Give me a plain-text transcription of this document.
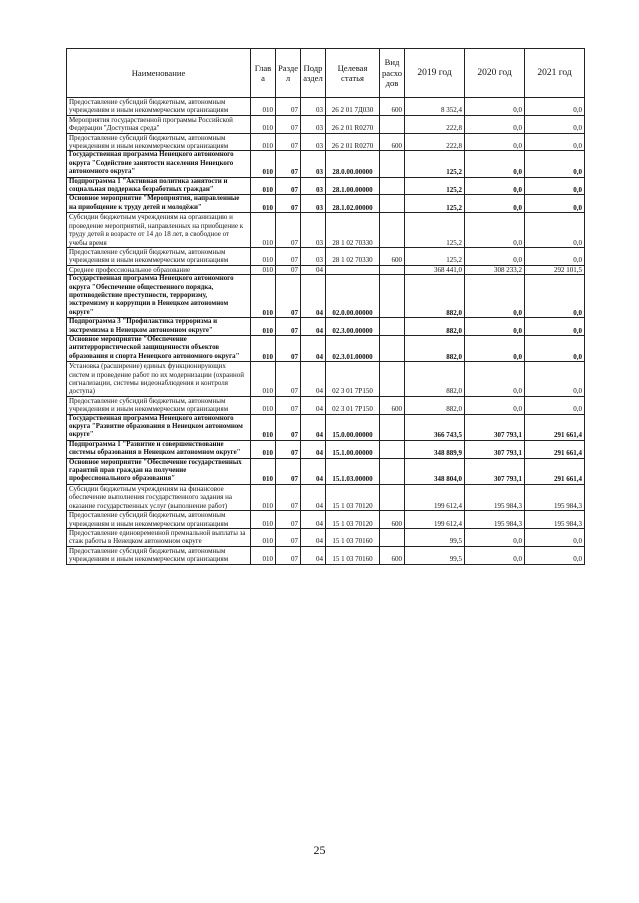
Наименование	Глав а	Разде л	Подр аздел	Целевая статья	Вид расхо дов	2019 год	2020 год	2021 год
Предоставление субсидий бюджетным, автономным учреждениям и иным некоммерческим организациям	010	07	03	26 2 01 7Д030	600	8 352,4	0,0	0,0
Мероприятия государственной программы Российской Федерации "Доступная среда"	010	07	03	26 2 01 R0270		222,8	0,0	0,0
Предоставление субсидий бюджетным, автономным учреждениям и иным некоммерческим организациям	010	07	03	26 2 01 R0270	600	222,8	0,0	0,0
Государственная программа Ненецкого автономного округа "Содействие занятости населения Ненецкого автономного округа"	010	07	03	28.0.00.00000		125,2	0,0	0,0
Подпрограмма 1 "Активная политика занятости и социальная поддержка безработных граждан"	010	07	03	28.1.00.00000		125,2	0,0	0,0
Основное мероприятие "Мероприятия, направленные на приобщение к труду детей и молодёжи"	010	07	03	28.1.02.00000		125,2	0,0	0,0
Субсидии бюджетным учреждениям на организацию и проведение мероприятий, направленных на приобщение к труду детей в возрасте от 14 до 18 лет, в свободное от учебы время	010	07	03	28 1 02 70330		125,2	0,0	0,0
Предоставление субсидий бюджетным, автономным учреждениям и иным некоммерческим организациям	010	07	03	28 1 02 70330	600	125,2	0,0	0,0
Среднее профессиональное образование	010	07	04			368 441,0	308 233,2	292 101,5
Государственная программа Ненецкого автономного округа "Обеспечение общественного порядка, противодействие преступности, терроризму, экстремизму и коррупции в Ненецком автономном округе"	010	07	04	02.0.00.00000		882,0	0,0	0,0
Подпрограмма 3 "Профилактика терроризма и экстремизма в Ненецком автономном округе"	010	07	04	02.3.00.00000		882,0	0,0	0,0
Основное мероприятие "Обеспечение антитеррористической защищенности объектов образования и спорта Ненецкого автономного округа"	010	07	04	02.3.01.00000		882,0	0,0	0,0
Установка (расширение) единых функционирующих систем и проведение работ по их модернизации (охранной сигнализации, системы видеонаблюдения и контроля доступа)	010	07	04	02 3 01 7Р150		882,0	0,0	0,0
Предоставление субсидий бюджетным, автономным учреждениям и иным некоммерческим организациям	010	07	04	02 3 01 7Р150	600	882,0	0,0	0,0
Государственная программа Ненецкого автономного округа "Развитие образования в Ненецком автономном округе"	010	07	04	15.0.00.00000		366 743,5	307 793,1	291 661,4
Подпрограмма 1 "Развитие и совершенствование системы образования в Ненецком автономном округе"	010	07	04	15.1.00.00000		348 889,9	307 793,1	291 661,4
Основное мероприятие "Обеспечение государственных гарантий прав граждан на получение профессионального образования"	010	07	04	15.1.03.00000		348 804,0	307 793,1	291 661,4
Субсидии бюджетным учреждениям на финансовое обеспечение выполнения государственного задания на оказание государственных услуг (выполнение работ)	010	07	04	15 1 03 70120		199 612,4	195 984,3	195 984,3
Предоставление субсидий бюджетным, автономным учреждениям и иным некоммерческим организациям	010	07	04	15 1 03 70120	600	199 612,4	195 984,3	195 984,3
Предоставление единовременной премиальной выплаты за стаж работы в Ненецком автономном округе	010	07	04	15 1 03 70160		99,5	0,0	0,0
Предоставление субсидий бюджетным, автономным учреждениям и иным некоммерческим организациям	010	07	04	15 1 03 70160	600	99,5	0,0	0,0
25
